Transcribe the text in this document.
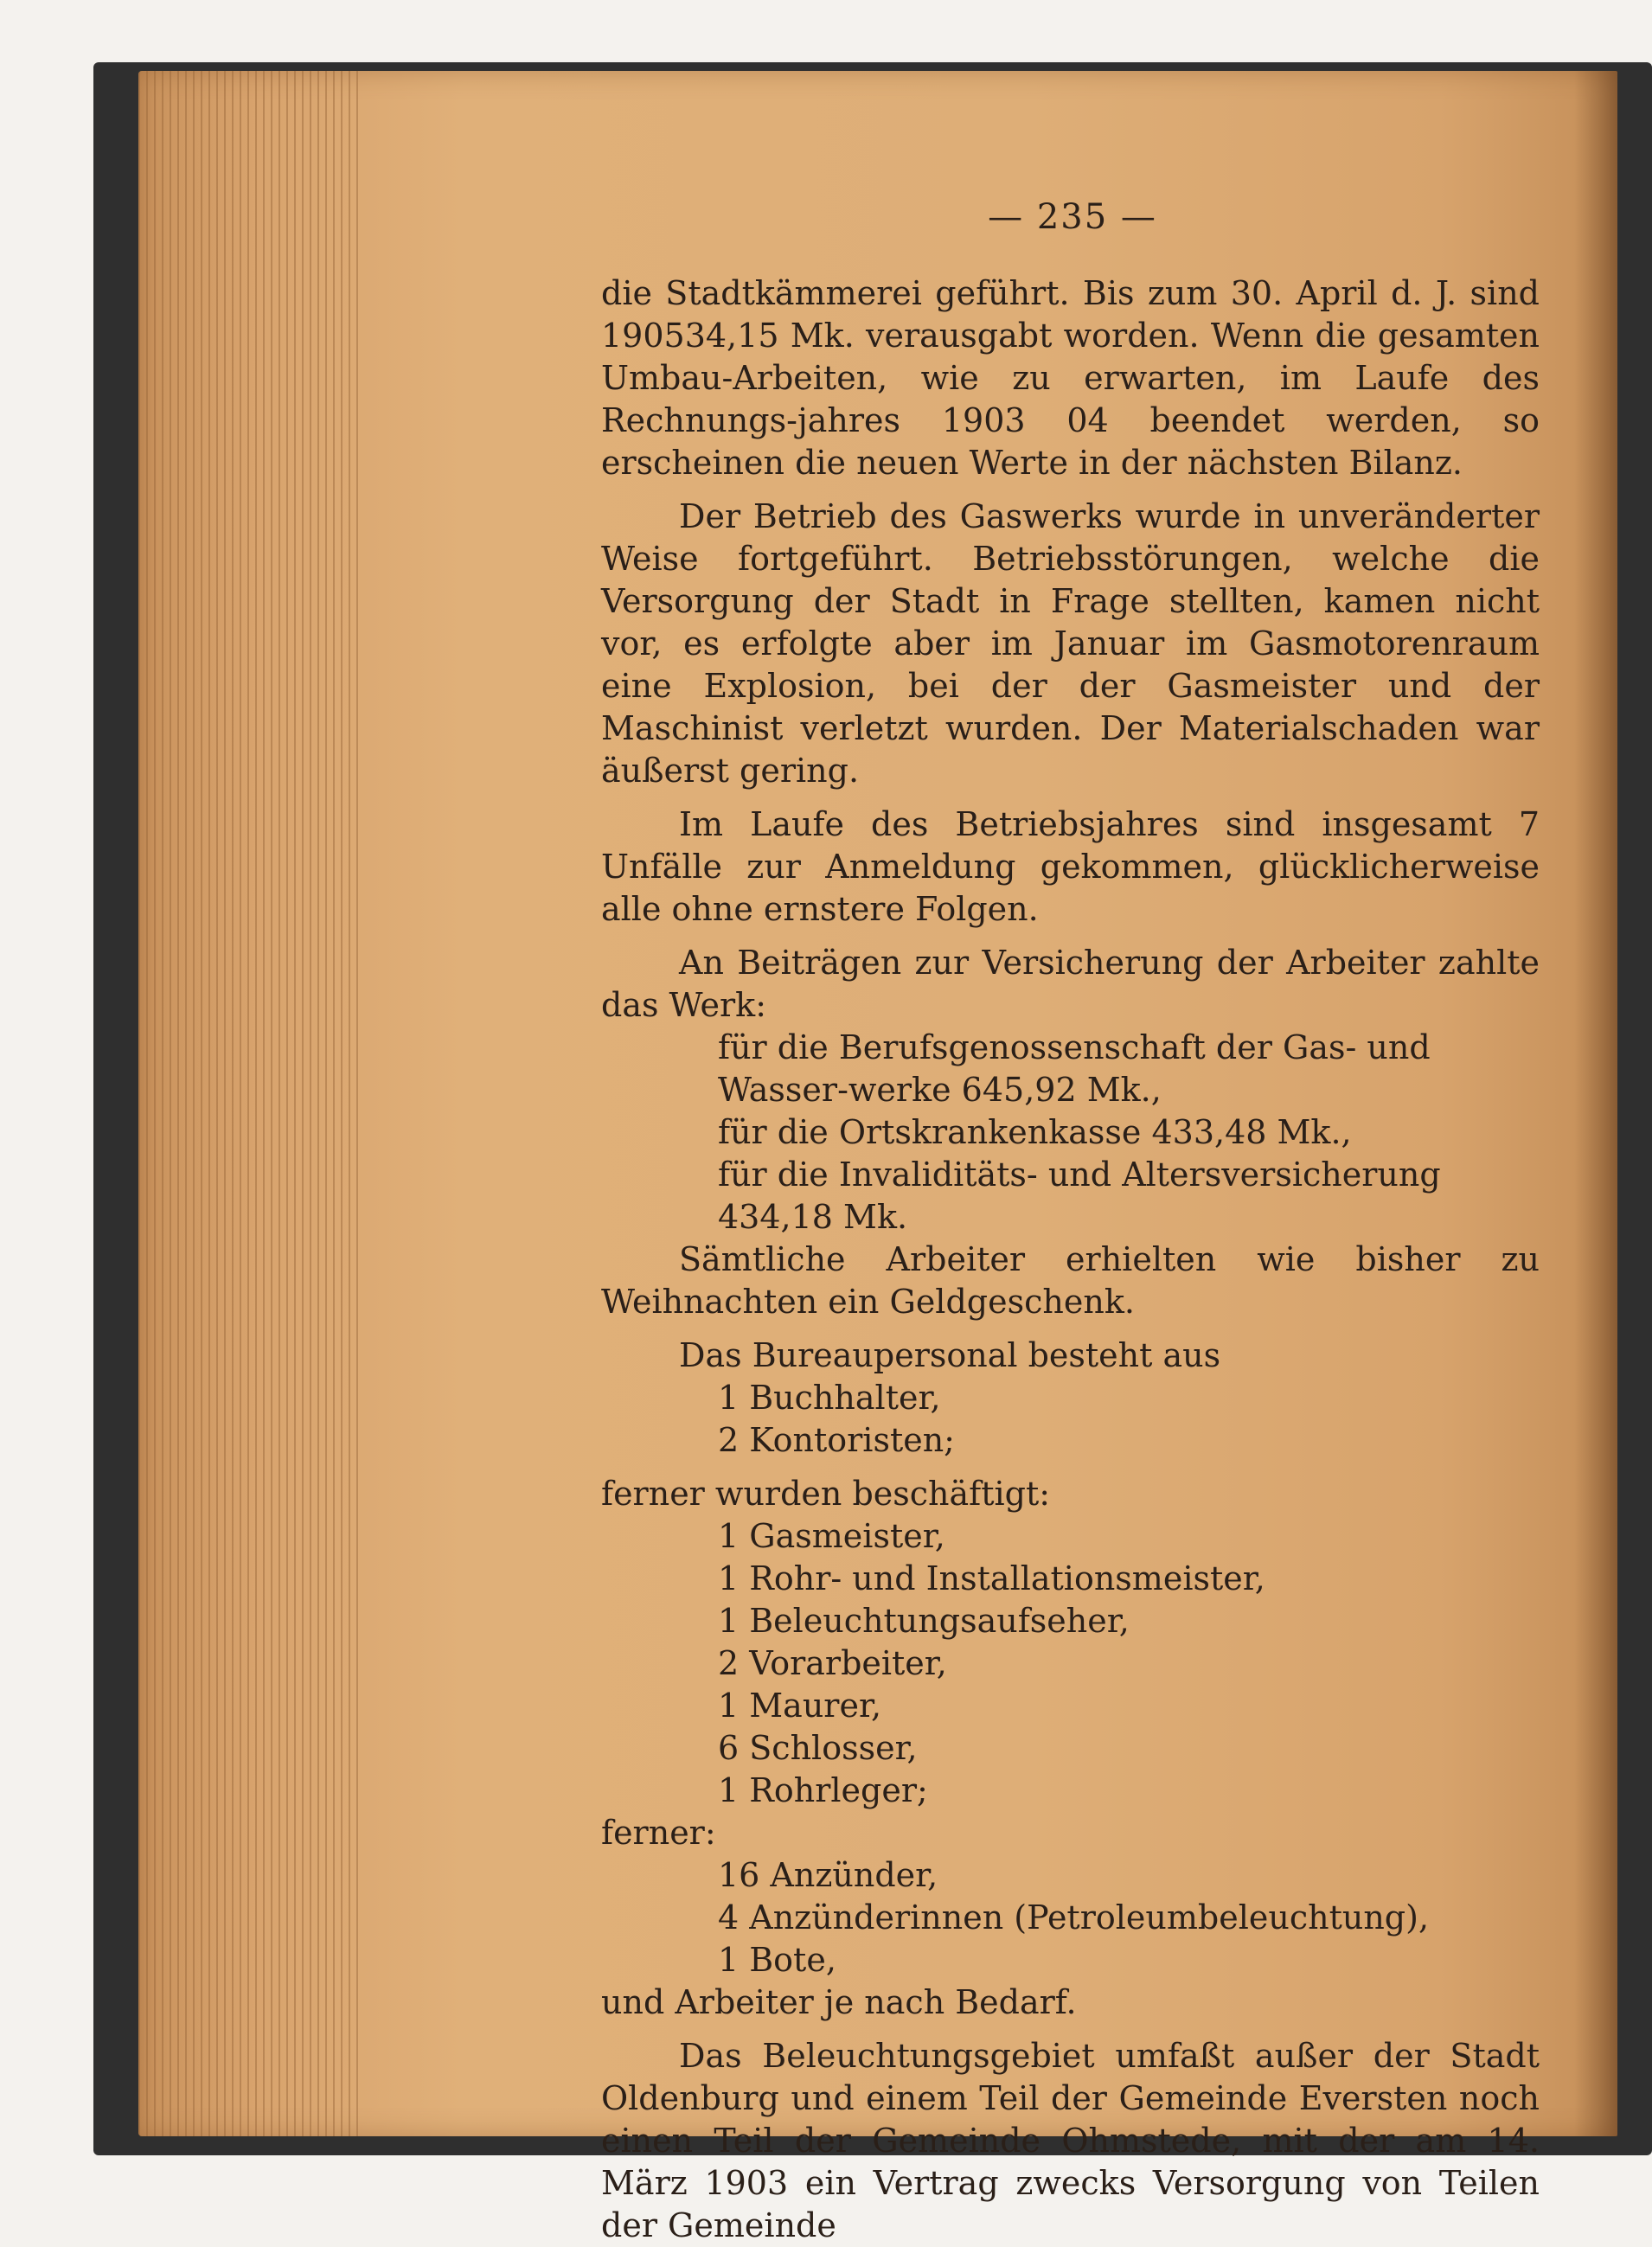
— 235 —

die Stadtkämmerei geführt. Bis zum 30. April d. J. sind 190534,15 Mk. verausgabt worden. Wenn die gesamten Umbau-Arbeiten, wie zu erwarten, im Laufe des Rechnungs-jahres 1903 04 beendet werden, so erscheinen die neuen Werte in der nächsten Bilanz.

Der Betrieb des Gaswerks wurde in unveränderter Weise fortgeführt. Betriebsstörungen, welche die Versorgung der Stadt in Frage stellten, kamen nicht vor, es erfolgte aber im Januar im Gasmotorenraum eine Explosion, bei der der Gasmeister und der Maschinist verletzt wurden. Der Materialschaden war äußerst gering.

Im Laufe des Betriebsjahres sind insgesamt 7 Unfälle zur Anmeldung gekommen, glücklicherweise alle ohne ernstere Folgen.

An Beiträgen zur Versicherung der Arbeiter zahlte das Werk:

für die Berufsgenossenschaft der Gas- und Wasser-werke 645,92 Mk.,
für die Ortskrankenkasse 433,48 Mk.,
für die Invaliditäts- und Altersversicherung 434,18 Mk.

Sämtliche Arbeiter erhielten wie bisher zu Weihnachten ein Geldgeschenk.

Das Bureaupersonal besteht aus

1 Buchhalter,
2 Kontoristen;

ferner wurden beschäftigt:

1 Gasmeister,
1 Rohr- und Installationsmeister,
1 Beleuchtungsaufseher,
2 Vorarbeiter,
1 Maurer,
6 Schlosser,
1 Rohrleger;

ferner:

16 Anzünder,
4 Anzünderinnen (Petroleumbeleuchtung),
1 Bote,

und Arbeiter je nach Bedarf.

Das Beleuchtungsgebiet umfaßt außer der Stadt Oldenburg und einem Teil der Gemeinde Eversten noch einen Teil der Gemeinde Ohmstede, mit der am 14. März 1903 ein Vertrag zwecks Versorgung von Teilen der Gemeinde
